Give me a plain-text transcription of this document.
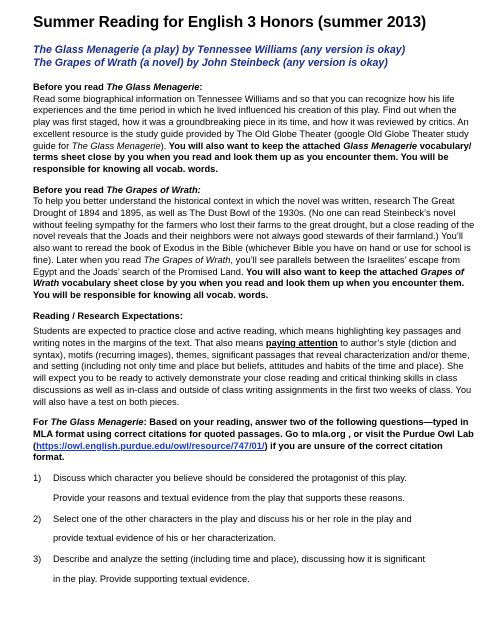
Summer Reading for English 3 Honors (summer 2013)
The Glass Menagerie (a play) by Tennessee Williams (any version is okay)
The Grapes of Wrath (a novel) by John Steinbeck (any version is okay)

Before you read The Glass Menagerie:

Read some biographical information on Tennessee Williams and so that you can recognize how his life experiences and the time period in which he lived influenced his creation of this play. Find out when the play was first staged, how it was a groundbreaking piece in its time, and how it was reviewed by critics. An excellent resource is the study guide provided by The Old Globe Theater (google Old Globe Theater study guide for The Glass Menagerie). You will also want to keep the attached Glass Menagerie vocabulary/ terms sheet close by you when you read and look them up as you encounter them. You will be responsible for knowing all vocab. words.

Before you read The Grapes of Wrath:

To help you better understand the historical context in which the novel was written, research The Great Drought of 1894 and 1895, as well as The Dust Bowl of the 1930s. (No one can read Steinbeck’s novel without feeling sympathy for the farmers who lost their farms to the great drought, but a close reading of the novel reveals that the Joads and their neighbors were not always good stewards of their farmland.) You’ll also want to reread the book of Exodus in the Bible (whichever Bible you have on hand or use for school is fine). Later when you read The Grapes of Wrath, you’ll see parallels between the Israelites’ escape from Egypt and the Joads’ search of the Promised Land. You will also want to keep the attached Grapes of Wrath vocabulary sheet close by you when you read and look them up when you encounter them. You will be responsible for knowing all vocab. words.

Reading / Research Expectations:

Students are expected to practice close and active reading, which means highlighting key passages and writing notes in the margins of the text. That also means paying attention to author’s style (diction and syntax), motifs (recurring images), themes, significant passages that reveal characterization and/or theme, and setting (including not only time and place but beliefs, attitudes and habits of the time and place). She will expect you to be ready to actively demonstrate your close reading and critical thinking skills in class discussions as well as in-class and outside of class writing assignments in the first two weeks of class. You will also have a test on both pieces.

For The Glass Menagerie: Based on your reading, answer two of the following questions—typed in MLA format using correct citations for quoted passages. Go to mla.org , or visit the Purdue Owl Lab (https://owl.english.purdue.edu/owl/resource/747/01/) if you are unsure of the correct citation format.

1) Discuss which character you believe should be considered the protagonist of this play.
Provide your reasons and textual evidence from the play that supports these reasons.
2) Select one of the other characters in the play and discuss his or her role in the play and
provide textual evidence of his or her characterization.
3) Describe and analyze the setting (including time and place), discussing how it is significant
in the play. Provide supporting textual evidence.
